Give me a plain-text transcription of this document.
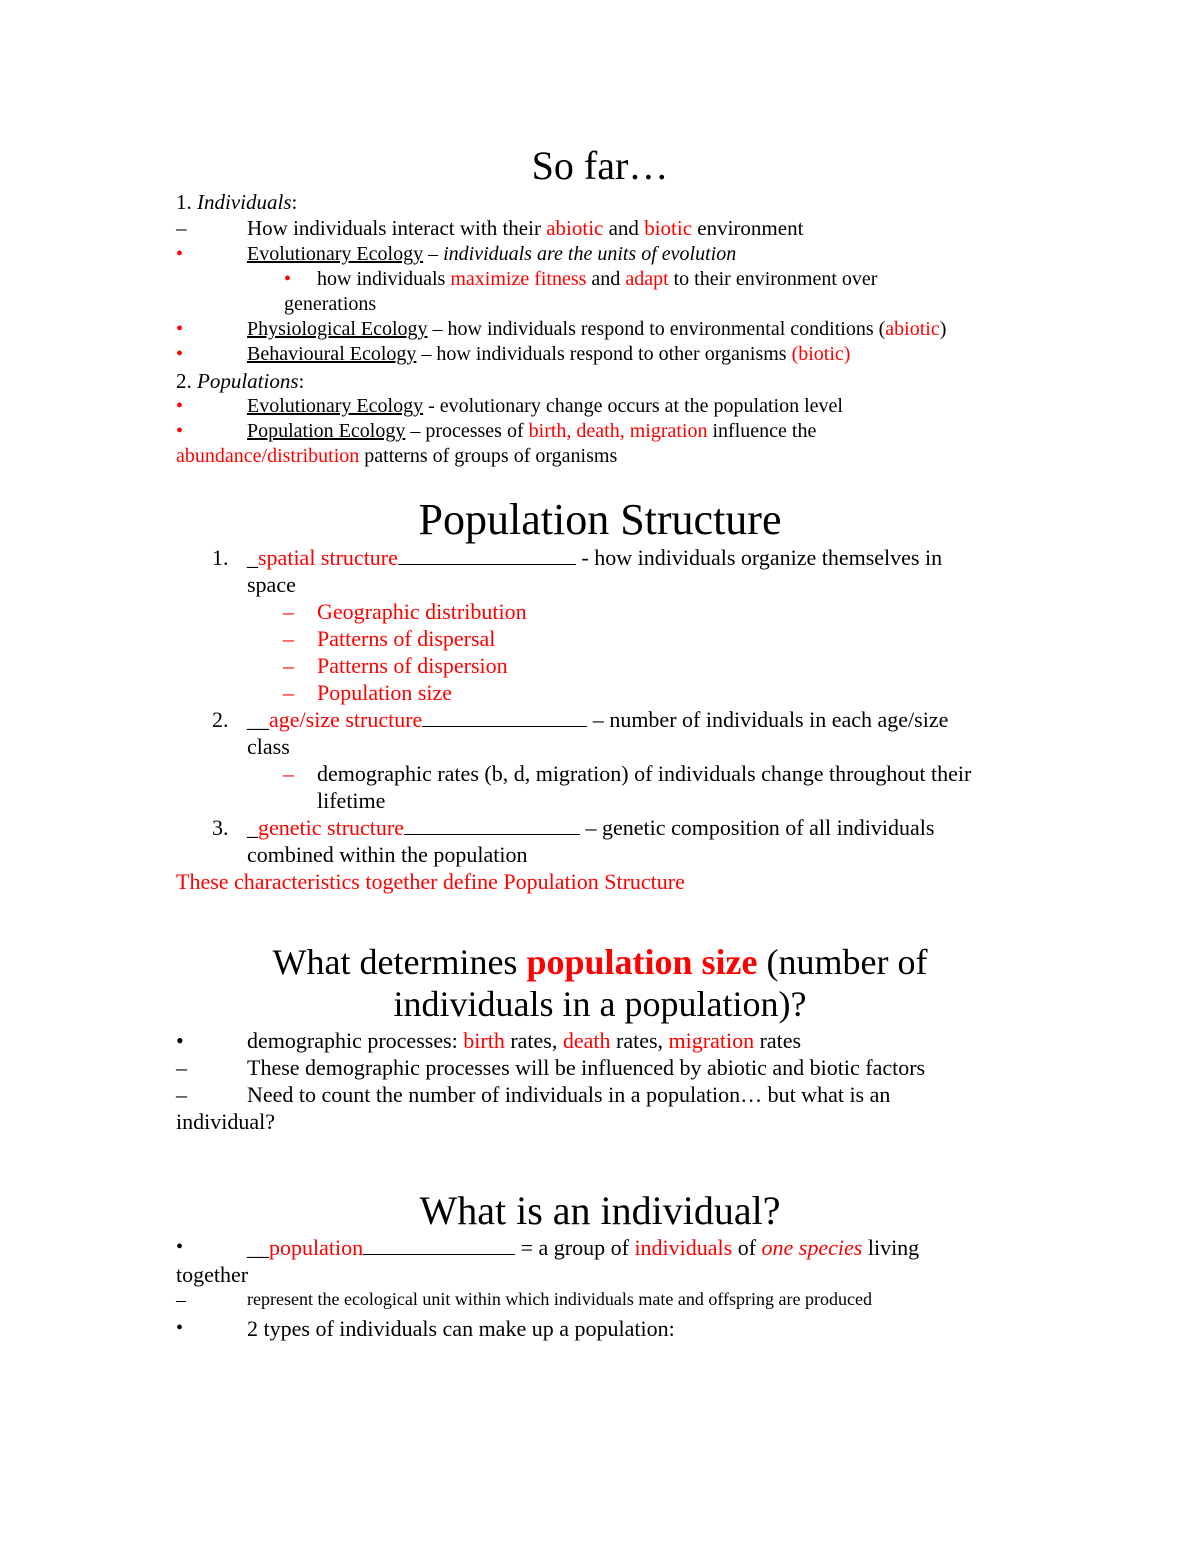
So far…
1. Individuals:
–	How individuals interact with their abiotic and biotic environment
•	Evolutionary Ecology – individuals are the units of evolution
• how individuals maximize fitness and adapt to their environment over
generations
•	Physiological Ecology – how individuals respond to environmental conditions (abiotic)
•	Behavioural Ecology – how individuals respond to other organisms (biotic)
2. Populations:
•	Evolutionary Ecology - evolutionary change occurs at the population level
•	Population Ecology – processes of birth, death, migration influence the
abundance/distribution patterns of groups of organisms
Population Structure
1. _spatial structure	- how individuals organize themselves in
space
– Geographic distribution
– Patterns of dispersal
– Patterns of dispersion
– Population size
2. __age/size structure	– number of individuals in each age/size
class
– demographic rates (b, d, migration) of individuals change throughout their
lifetime
3. _genetic structure	– genetic composition of all individuals
combined within the population
These characteristics together define Population Structure
What determines population size (number of
individuals in a population)?
•	demographic processes: birth rates, death rates, migration rates
–	These demographic processes will be influenced by abiotic and biotic factors
–	Need to count the number of individuals in a population… but what is an
individual?
What is an individual?
•	__population	= a group of individuals of one species living
together
–	represent the ecological unit within which individuals mate and offspring are produced
•	2 types of individuals can make up a population:
